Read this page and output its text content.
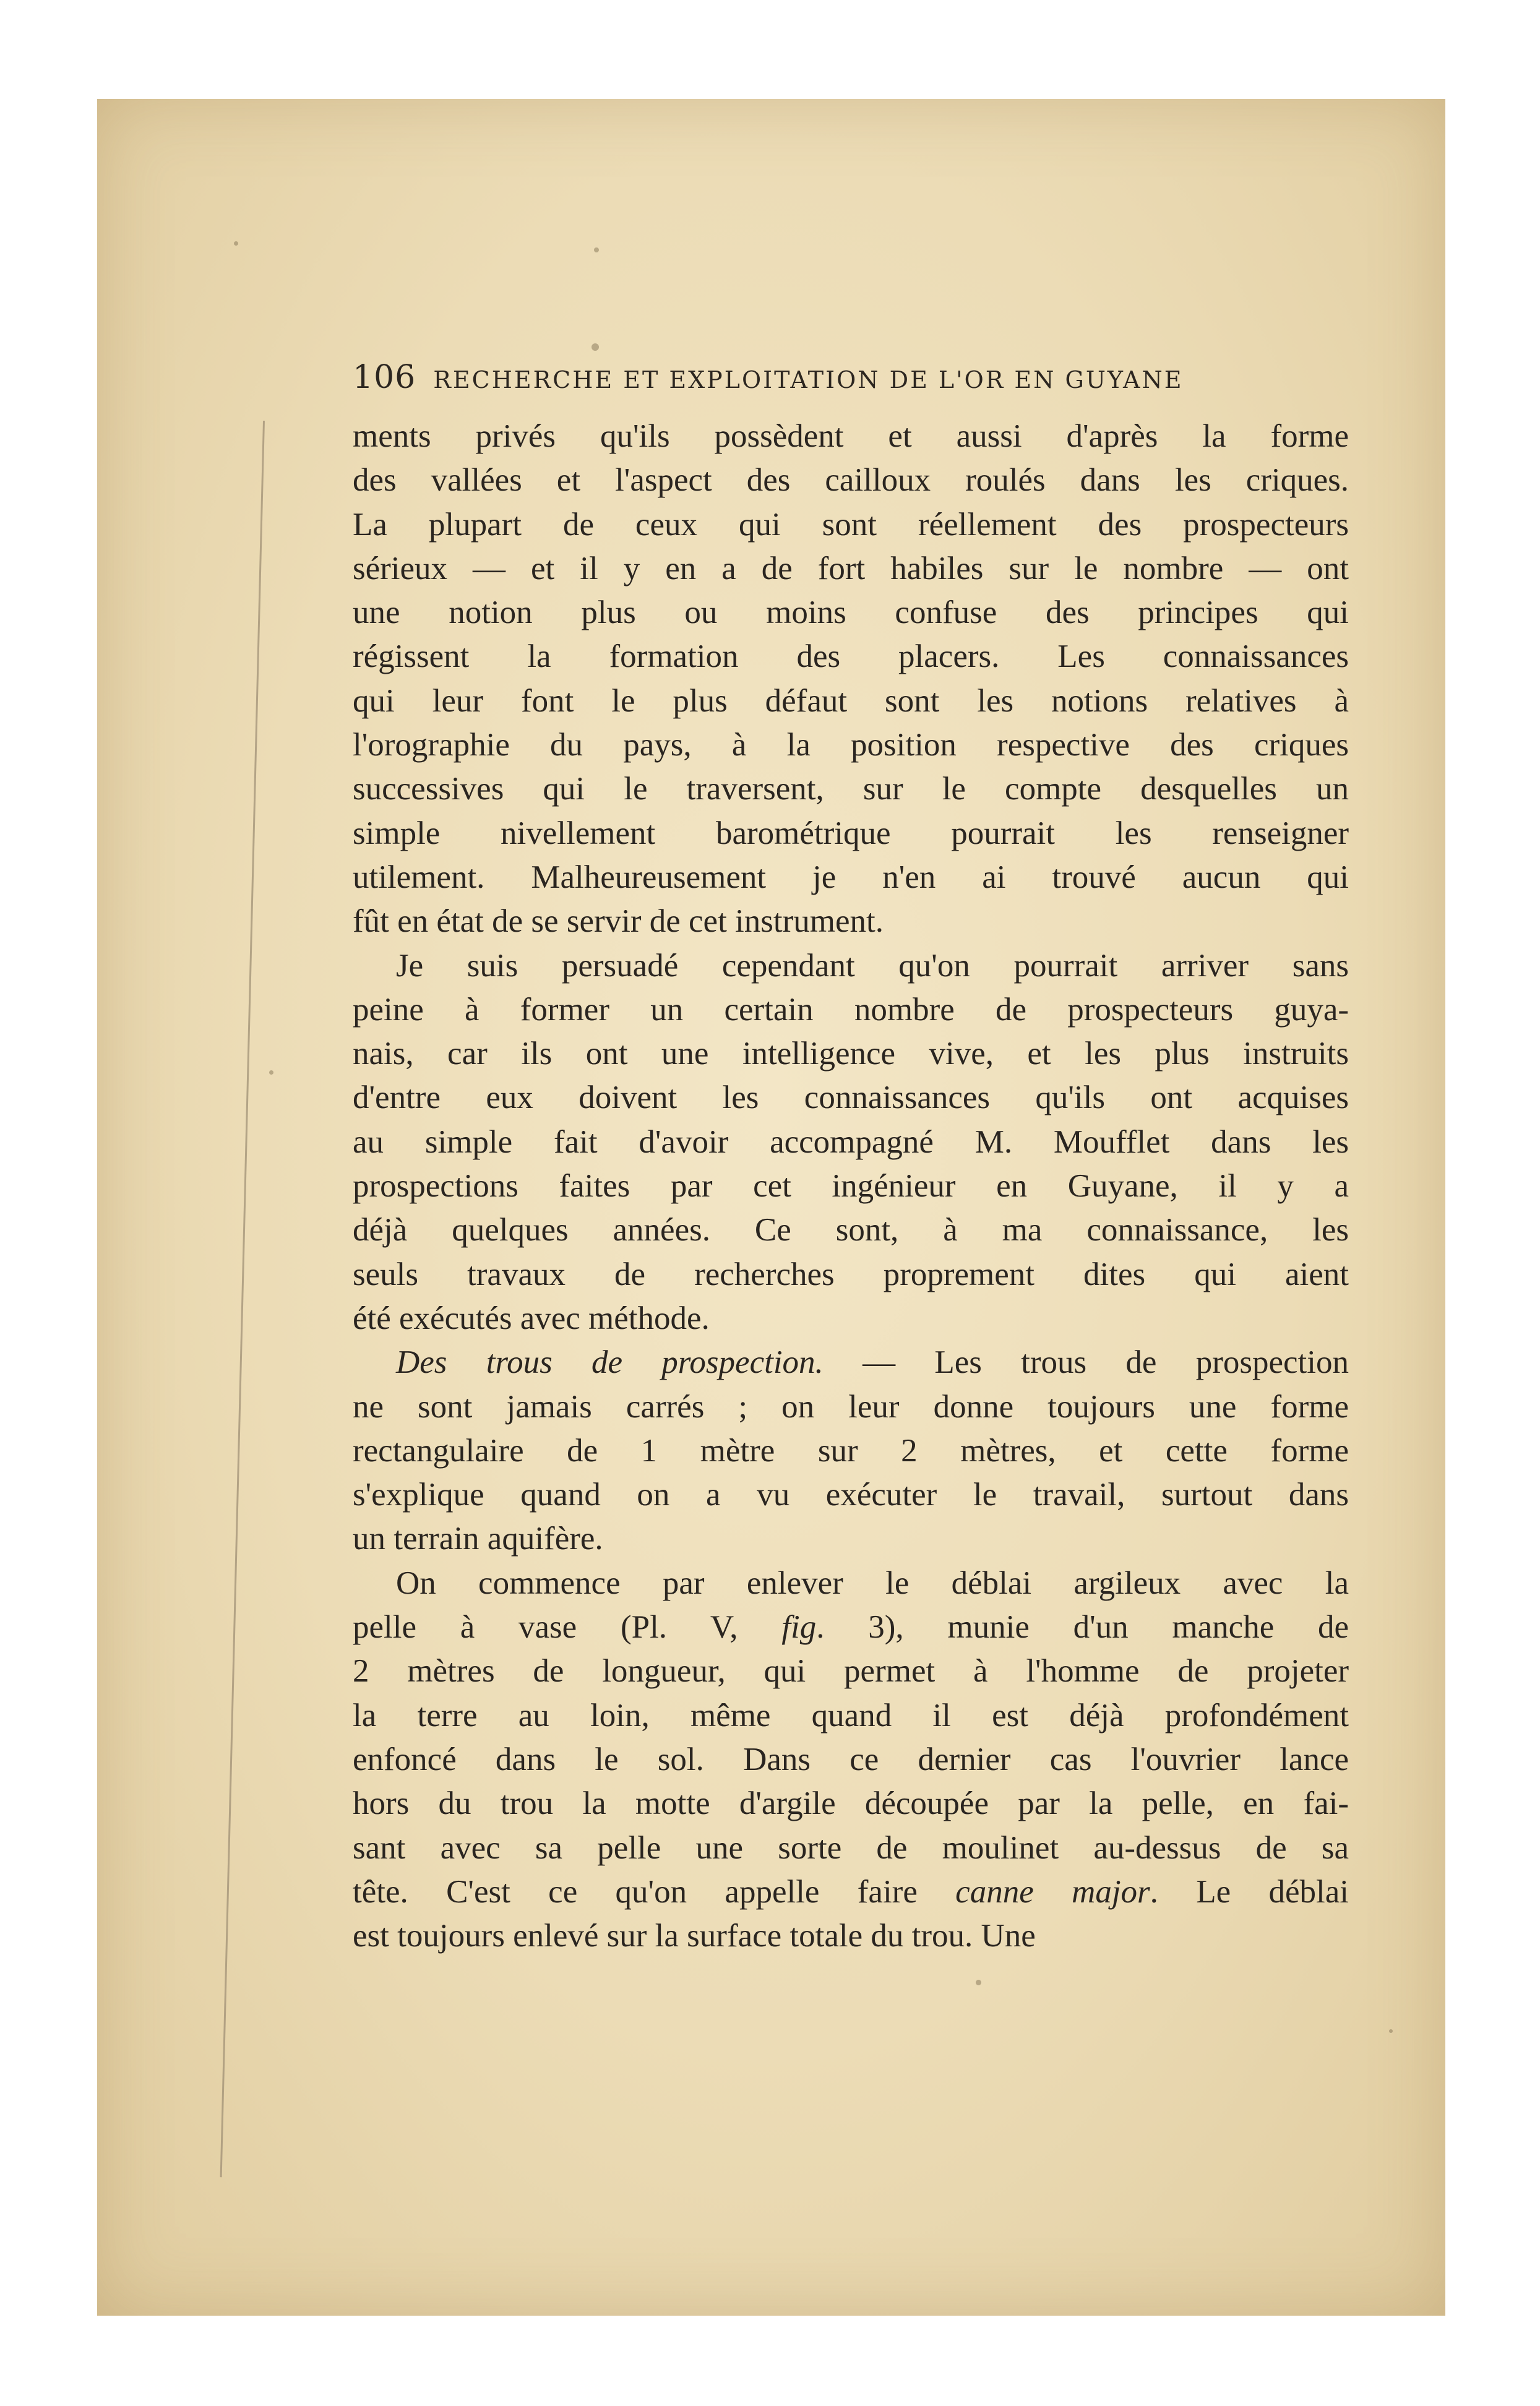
106 RECHERCHE ET EXPLOITATION DE L'OR EN GUYANE
ments privés qu'ils possèdent et aussi d'après la forme
des vallées et l'aspect des cailloux roulés dans les criques.
La plupart de ceux qui sont réellement des prospecteurs
sérieux — et il y en a de fort habiles sur le nombre — ont
une notion plus ou moins confuse des principes qui
régissent la formation des placers. Les connaissances
qui leur font le plus défaut sont les notions relatives à
l'orographie du pays, à la position respective des criques
successives qui le traversent, sur le compte desquelles un
simple nivellement barométrique pourrait les renseigner
utilement. Malheureusement je n'en ai trouvé aucun qui
fût en état de se servir de cet instrument.
Je suis persuadé cependant qu'on pourrait arriver sans
peine à former un certain nombre de prospecteurs guya-
nais, car ils ont une intelligence vive, et les plus instruits
d'entre eux doivent les connaissances qu'ils ont acquises
au simple fait d'avoir accompagné M. Moufflet dans les
prospections faites par cet ingénieur en Guyane, il y a
déjà quelques années. Ce sont, à ma connaissance, les
seuls travaux de recherches proprement dites qui aient
été exécutés avec méthode.
Des trous de prospection. — Les trous de prospection
ne sont jamais carrés ; on leur donne toujours une forme
rectangulaire de 1 mètre sur 2 mètres, et cette forme
s'explique quand on a vu exécuter le travail, surtout dans
un terrain aquifère.
On commence par enlever le déblai argileux avec la
pelle à vase (Pl. V, fig. 3), munie d'un manche de
2 mètres de longueur, qui permet à l'homme de projeter
la terre au loin, même quand il est déjà profondément
enfoncé dans le sol. Dans ce dernier cas l'ouvrier lance
hors du trou la motte d'argile découpée par la pelle, en fai-
sant avec sa pelle une sorte de moulinet au-dessus de sa
tête. C'est ce qu'on appelle faire canne major. Le déblai
est toujours enlevé sur la surface totale du trou. Une
